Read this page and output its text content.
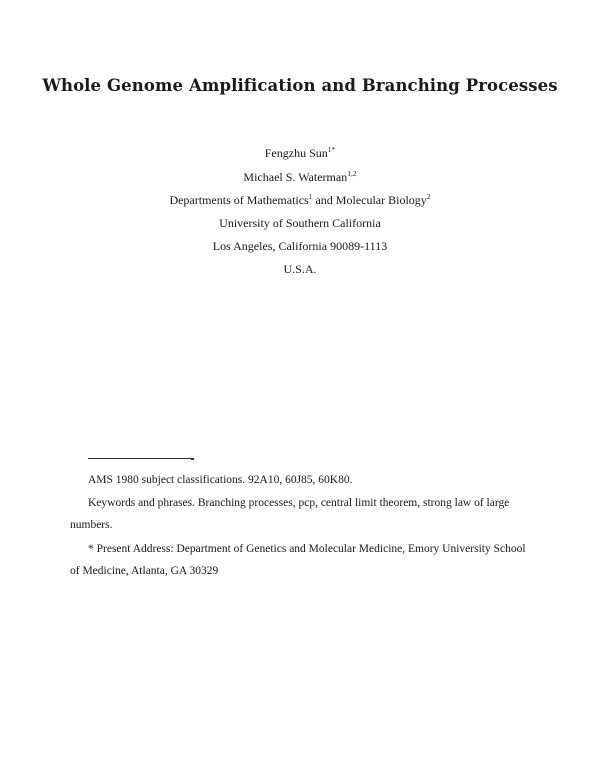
Whole Genome Amplification and Branching Processes
Fengzhu Sun$^{1*}$
Michael S. Waterman$^{1,2}$
Departments of Mathematics$^1$ and Molecular Biology$^2$
University of Southern California
Los Angeles, California 90089-1113
U.S.A.
AMS 1980 subject classifications. 92A10, 60J85, 60K80.
Keywords and phrases. Branching processes, pcp, central limit theorem, strong law of large numbers.
* Present Address: Department of Genetics and Molecular Medicine, Emory University School of Medicine, Atlanta, GA 30329
